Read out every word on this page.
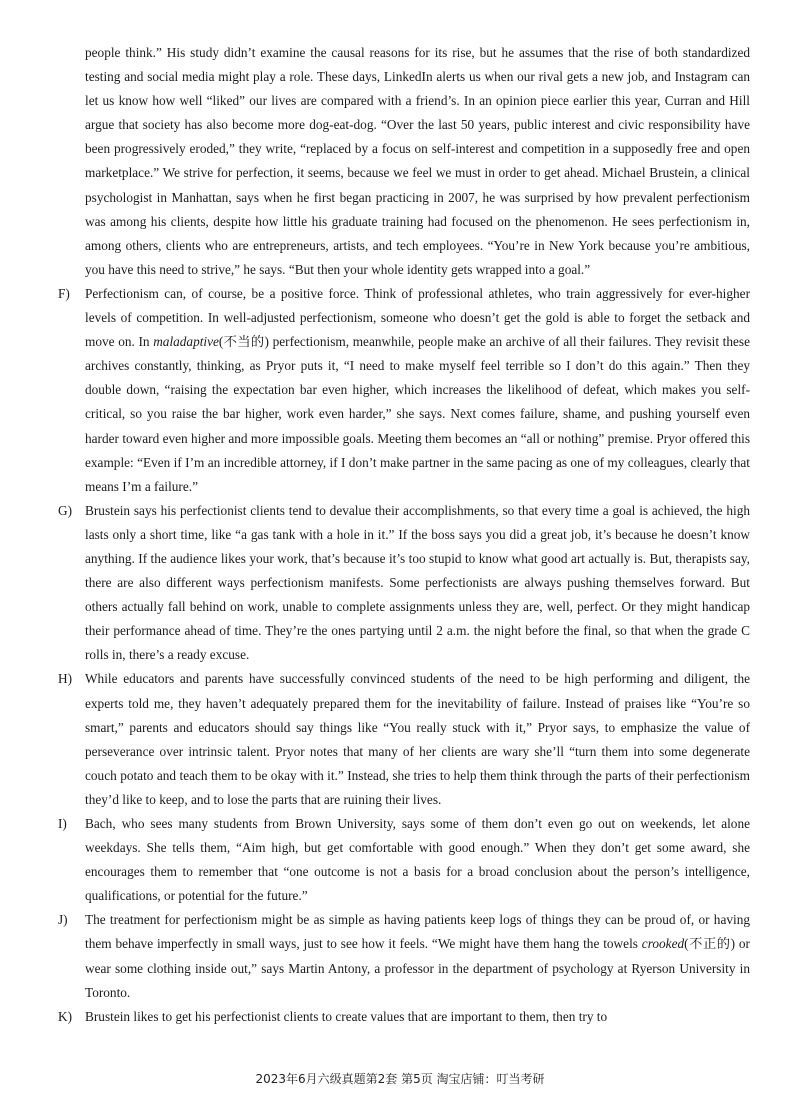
people think.” His study didn’t examine the causal reasons for its rise, but he assumes that the rise of both standardized testing and social media might play a role. These days, LinkedIn alerts us when our rival gets a new job, and Instagram can let us know how well “liked” our lives are compared with a friend’s. In an opinion piece earlier this year, Curran and Hill argue that society has also become more dog-eat-dog. “Over the last 50 years, public interest and civic responsibility have been progressively eroded,” they write, “replaced by a focus on self-interest and competition in a supposedly free and open marketplace.” We strive for perfection, it seems, because we feel we must in order to get ahead. Michael Brustein, a clinical psychologist in Manhattan, says when he first began practicing in 2007, he was surprised by how prevalent perfectionism was among his clients, despite how little his graduate training had focused on the phenomenon. He sees perfectionism in, among others, clients who are entrepreneurs, artists, and tech employees. “You’re in New York because you’re ambitious, you have this need to strive,” he says. “But then your whole identity gets wrapped into a goal.”
F)	Perfectionism can, of course, be a positive force. Think of professional athletes, who train aggressively for ever-higher levels of competition. In well-adjusted perfectionism, someone who doesn’t get the gold is able to forget the setback and move on. In maladaptive(不当的) perfectionism, meanwhile, people make an archive of all their failures. They revisit these archives constantly, thinking, as Pryor puts it, “I need to make myself feel terrible so I don’t do this again.” Then they double down, “raising the expectation bar even higher, which increases the likelihood of defeat, which makes you self-critical, so you raise the bar higher, work even harder,” she says. Next comes failure, shame, and pushing yourself even harder toward even higher and more impossible goals. Meeting them becomes an “all or nothing” premise. Pryor offered this example: “Even if I’m an incredible attorney, if I don’t make partner in the same pacing as one of my colleagues, clearly that means I’m a failure.”
G) Brustein says his perfectionist clients tend to devalue their accomplishments, so that every time a goal is achieved, the high lasts only a short time, like “a gas tank with a hole in it.” If the boss says you did a great job, it’s because he doesn’t know anything. If the audience likes your work, that’s because it’s too stupid to know what good art actually is. But, therapists say, there are also different ways perfectionism manifests. Some perfectionists are always pushing themselves forward. But others actually fall behind on work, unable to complete assignments unless they are, well, perfect. Or they might handicap their performance ahead of time. They’re the ones partying until 2 a.m. the night before the final, so that when the grade C rolls in, there’s a ready excuse.
H) While educators and parents have successfully convinced students of the need to be high performing and diligent, the experts told me, they haven’t adequately prepared them for the inevitability of failure. Instead of praises like “You’re so smart,” parents and educators should say things like “You really stuck with it,” Pryor says, to emphasize the value of perseverance over intrinsic talent. Pryor notes that many of her clients are wary she’ll “turn them into some degenerate couch potato and teach them to be okay with it.” Instead, she tries to help them think through the parts of their perfectionism they’d like to keep, and to lose the parts that are ruining their lives.
I)	Bach, who sees many students from Brown University, says some of them don’t even go out on weekends, let alone weekdays. She tells them, “Aim high, but get comfortable with good enough.” When they don’t get some award, she encourages them to remember that “one outcome is not a basis for a broad conclusion about the person’s intelligence, qualifications, or potential for the future.”
J)	The treatment for perfectionism might be as simple as having patients keep logs of things they can be proud of, or having them behave imperfectly in small ways, just to see how it feels. “We might have them hang the towels crooked(不正的) or wear some clothing inside out,” says Martin Antony, a professor in the department of psychology at Ryerson University in Toronto.
K) Brustein likes to get his perfectionist clients to create values that are important to them, then try to
2023年6月六级真题第2套 第5页 淘宝店铺：叮当考研
